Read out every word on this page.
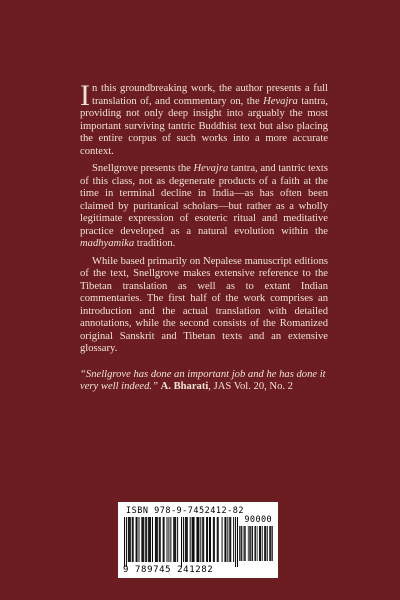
In this groundbreaking work, the author presents a full translation of, and commentary on, the Hevajra tantra, providing not only deep insight into arguably the most important surviving tantric Buddhist text but also placing the entire corpus of such works into a more accurate context.

Snellgrove presents the Hevajra tantra, and tantric texts of this class, not as degenerate products of a faith at the time in terminal decline in India—as has often been claimed by puritanical scholars—but rather as a wholly legitimate expression of esoteric ritual and meditative practice developed as a natural evolution within the madhyamika tradition.

While based primarily on Nepalese manuscript editions of the text, Snellgrove makes extensive reference to the Tibetan translation as well as to extant Indian commentaries. The first half of the work comprises an introduction and the actual translation with detailed annotations, while the second consists of the Romanized original Sanskrit and Tibetan texts and an extensive glossary.

“Snellgrove has done an important job and he has done it very well indeed.” A. Bharati, JAS Vol. 20, No. 2

ISBN 978-9-7452412-82
90000
9 789745 241282
